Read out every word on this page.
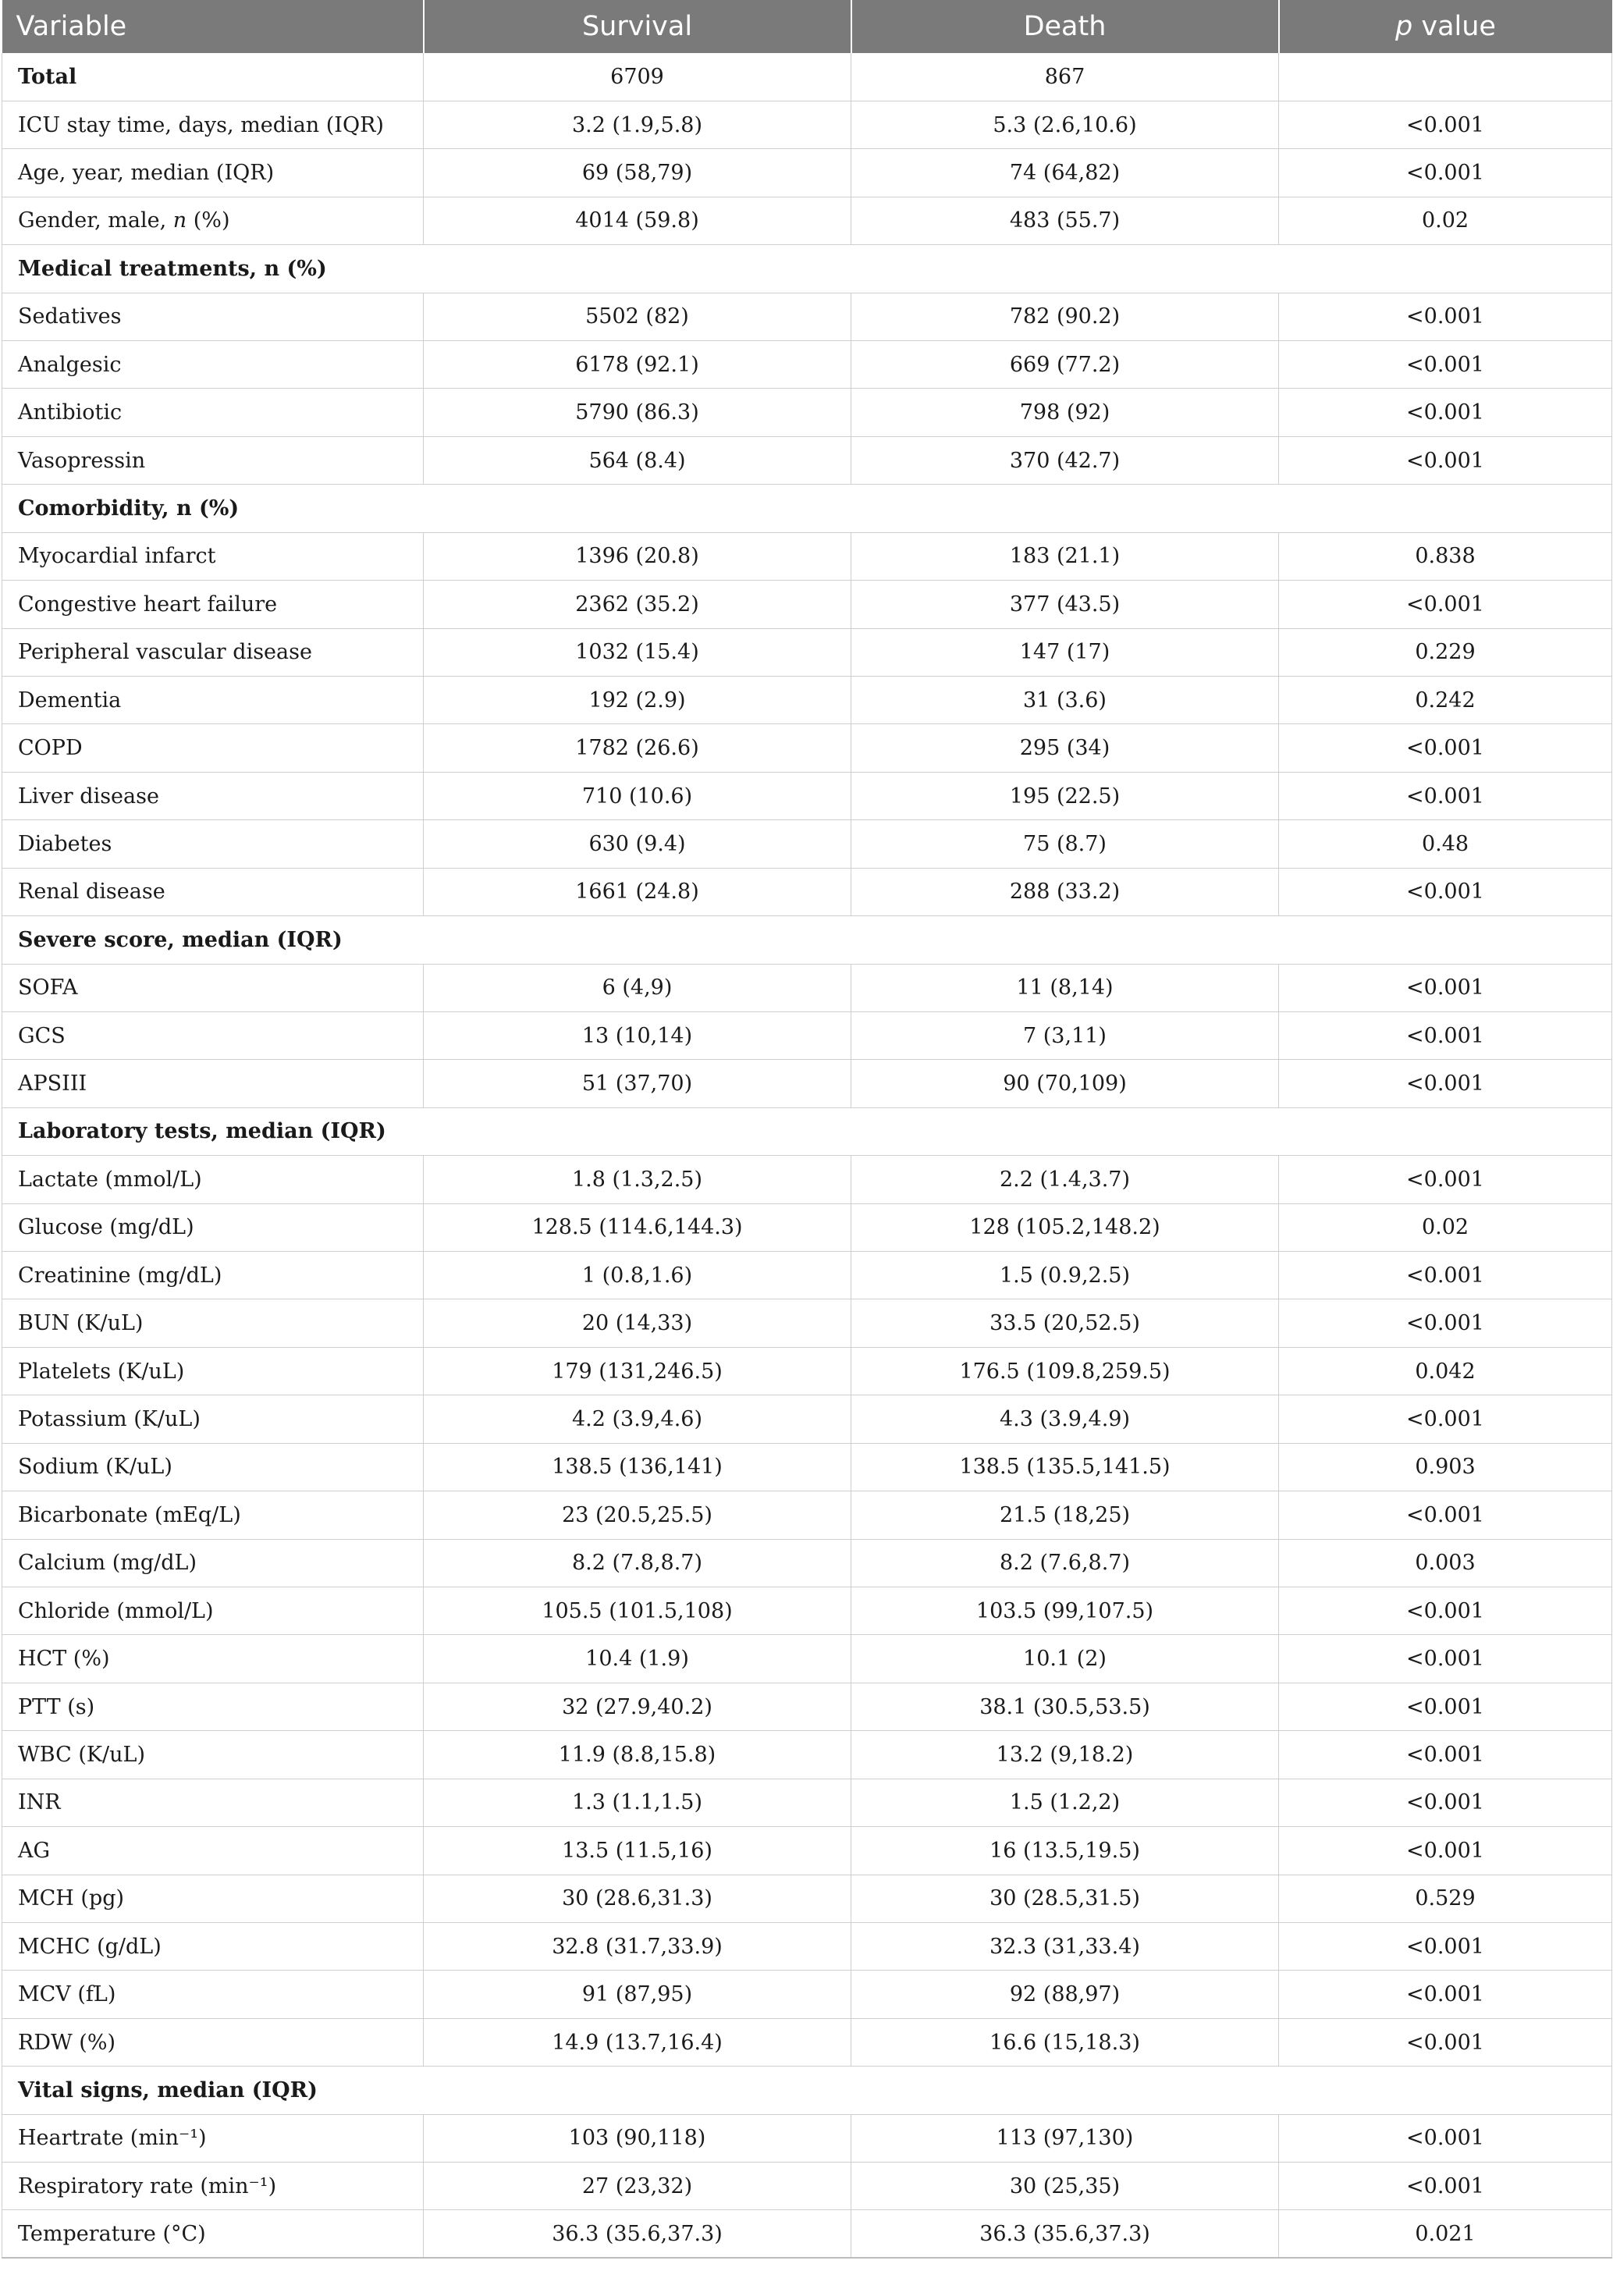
Variable	Survival	Death	p value
Total	6709	867	
ICU stay time, days, median (IQR)	3.2 (1.9,5.8)	5.3 (2.6,10.6)	<0.001
Age, year, median (IQR)	69 (58,79)	74 (64,82)	<0.001
Gender, male, n (%)	4014 (59.8)	483 (55.7)	0.02
Medical treatments, n (%)			
Sedatives	5502 (82)	782 (90.2)	<0.001
Analgesic	6178 (92.1)	669 (77.2)	<0.001
Antibiotic	5790 (86.3)	798 (92)	<0.001
Vasopressin	564 (8.4)	370 (42.7)	<0.001
Comorbidity, n (%)			
Myocardial infarct	1396 (20.8)	183 (21.1)	0.838
Congestive heart failure	2362 (35.2)	377 (43.5)	<0.001
Peripheral vascular disease	1032 (15.4)	147 (17)	0.229
Dementia	192 (2.9)	31 (3.6)	0.242
COPD	1782 (26.6)	295 (34)	<0.001
Liver disease	710 (10.6)	195 (22.5)	<0.001
Diabetes	630 (9.4)	75 (8.7)	0.48
Renal disease	1661 (24.8)	288 (33.2)	<0.001
Severe score, median (IQR)			
SOFA	6 (4,9)	11 (8,14)	<0.001
GCS	13 (10,14)	7 (3,11)	<0.001
APSIII	51 (37,70)	90 (70,109)	<0.001
Laboratory tests, median (IQR)			
Lactate (mmol/L)	1.8 (1.3,2.5)	2.2 (1.4,3.7)	<0.001
Glucose (mg/dL)	128.5 (114.6,144.3)	128 (105.2,148.2)	0.02
Creatinine (mg/dL)	1 (0.8,1.6)	1.5 (0.9,2.5)	<0.001
BUN (K/uL)	20 (14,33)	33.5 (20,52.5)	<0.001
Platelets (K/uL)	179 (131,246.5)	176.5 (109.8,259.5)	0.042
Potassium (K/uL)	4.2 (3.9,4.6)	4.3 (3.9,4.9)	<0.001
Sodium (K/uL)	138.5 (136,141)	138.5 (135.5,141.5)	0.903
Bicarbonate (mEq/L)	23 (20.5,25.5)	21.5 (18,25)	<0.001
Calcium (mg/dL)	8.2 (7.8,8.7)	8.2 (7.6,8.7)	0.003
Chloride (mmol/L)	105.5 (101.5,108)	103.5 (99,107.5)	<0.001
HCT (%)	10.4 (1.9)	10.1 (2)	<0.001
PTT (s)	32 (27.9,40.2)	38.1 (30.5,53.5)	<0.001
WBC (K/uL)	11.9 (8.8,15.8)	13.2 (9,18.2)	<0.001
INR	1.3 (1.1,1.5)	1.5 (1.2,2)	<0.001
AG	13.5 (11.5,16)	16 (13.5,19.5)	<0.001
MCH (pg)	30 (28.6,31.3)	30 (28.5,31.5)	0.529
MCHC (g/dL)	32.8 (31.7,33.9)	32.3 (31,33.4)	<0.001
MCV (fL)	91 (87,95)	92 (88,97)	<0.001
RDW (%)	14.9 (13.7,16.4)	16.6 (15,18.3)	<0.001
Vital signs, median (IQR)			
Heartrate (min⁻¹)	103 (90,118)	113 (97,130)	<0.001
Respiratory rate (min⁻¹)	27 (23,32)	30 (25,35)	<0.001
Temperature (°C)	36.3 (35.6,37.3)	36.3 (35.6,37.3)	0.021
